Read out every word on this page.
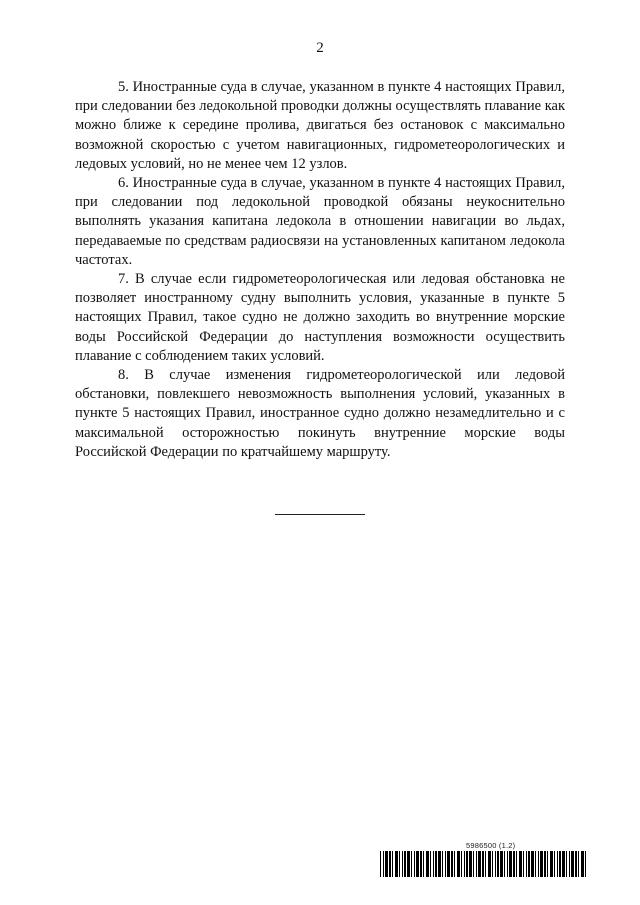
2

5. Иностранные суда в случае, указанном в пункте 4 настоящих Правил, при следовании без ледокольной проводки должны осуществлять плавание как можно ближе к середине пролива, двигаться без остановок с максимально возможной скоростью с учетом навигационных, гидрометеорологических и ледовых условий, но не менее чем 12 узлов.

6. Иностранные суда в случае, указанном в пункте 4 настоящих Правил, при следовании под ледокольной проводкой обязаны неукоснительно выполнять указания капитана ледокола в отношении навигации во льдах, передаваемые по средствам радиосвязи на установленных капитаном ледокола частотах.

7. В случае если гидрометеорологическая или ледовая обстановка не позволяет иностранному судну выполнить условия, указанные в пункте 5 настоящих Правил, такое судно не должно заходить во внутренние морские воды Российской Федерации до наступления возможности осуществить плавание с соблюдением таких условий.

8. В случае изменения гидрометеорологической или ледовой обстановки, повлекшего невозможность выполнения условий, указанных в пункте 5 настоящих Правил, иностранное судно должно незамедлительно и с максимальной осторожностью покинуть внутренние морские воды Российской Федерации по кратчайшему маршруту.

5986500 (1.2)
